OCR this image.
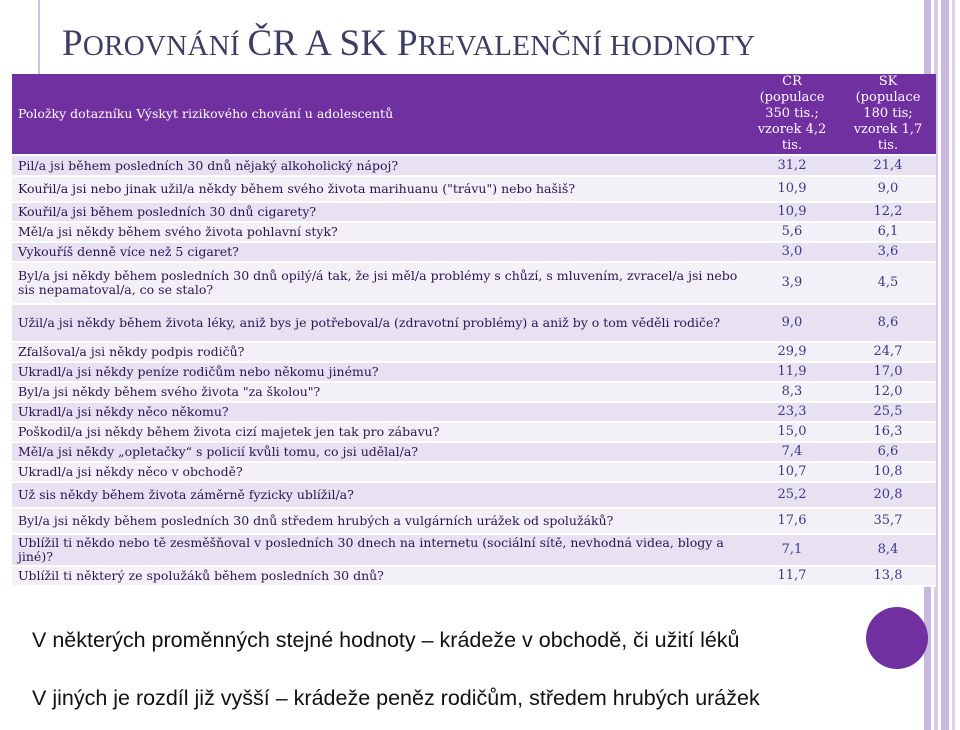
POROVNÁNÍ ČR A SK PREVALENČNÍ HODNOTY
Položky dotazníku Výskyt rizikového chování u adolescentů	ČR (populace 350 tis.; vzorek 4,2 tis.	SK (populace 180 tis; vzorek 1,7 tis.
Pil/a jsi během posledních 30 dnů nějaký alkoholický nápoj?	31,2	21,4
Kouřil/a jsi nebo jinak užil/a někdy během svého života marihuanu ("trávu") nebo hašiš?	10,9	9,0
Kouřil/a jsi během posledních 30 dnů cigarety?	10,9	12,2
Měl/a jsi někdy během svého života pohlavní styk?	5,6	6,1
Vykouříš denně více než 5 cigaret?	3,0	3,6
Byl/a jsi někdy během posledních 30 dnů opilý/á tak, že jsi měl/a problémy s chůzí, s mluvením, zvracel/a jsi nebo sis nepamatoval/a, co se stalo?	3,9	4,5
Užil/a jsi někdy během života léky, aniž bys je potřeboval/a (zdravotní problémy) a aniž by o tom věděli rodiče?	9,0	8,6
Zfalšoval/a jsi někdy podpis rodičů?	29,9	24,7
Ukradl/a jsi někdy peníze rodičům nebo někomu jinému?	11,9	17,0
Byl/a jsi někdy během svého života "za školou"?	8,3	12,0
Ukradl/a jsi někdy něco někomu?	23,3	25,5
Poškodil/a jsi někdy během života cizí majetek jen tak pro zábavu?	15,0	16,3
Měl/a jsi někdy „opletačky“ s policií kvůli tomu, co jsi udělal/a?	7,4	6,6
Ukradl/a jsi někdy něco v obchodě?	10,7	10,8
Už sis někdy během života záměrně fyzicky ublížil/a?	25,2	20,8
Byl/a jsi někdy během posledních 30 dnů středem hrubých a vulgárních urážek od spolužáků?	17,6	35,7
Ublížil ti někdo nebo tě zesměšňoval v posledních 30 dnech na internetu (sociální sítě, nevhodná videa, blogy a jiné)?	7,1	8,4
Ublížil ti některý ze spolužáků během posledních 30 dnů?	11,7	13,8
V některých proměnných stejné hodnoty – krádeže v obchodě, či užití léků
V jiných je rozdíl již vyšší – krádeže peněz rodičům, středem hrubých urážek
